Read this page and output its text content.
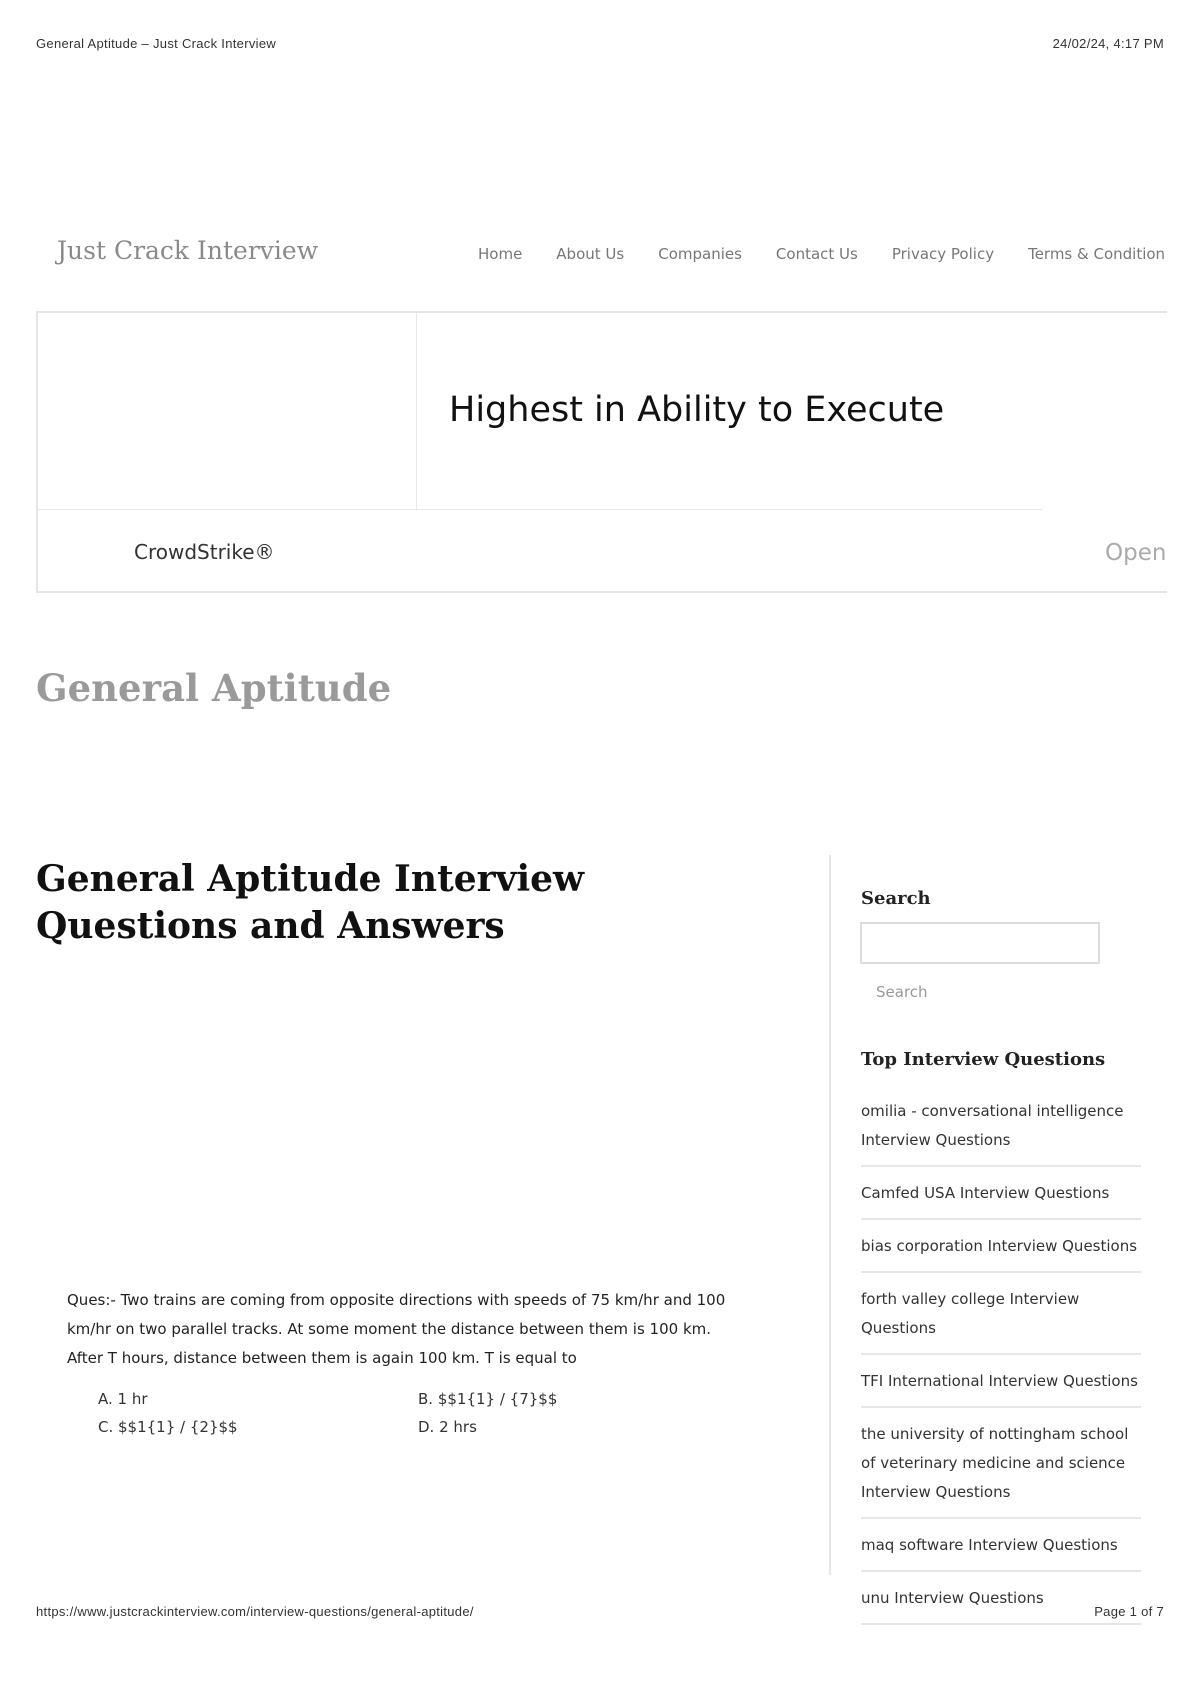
General Aptitude – Just Crack Interview	24/02/24, 4:17 PM
Just Crack Interview	Home About Us Companies Contact Us Privacy Policy Terms & Condition
Highest in Ability to Execute
CrowdStrike®	Open
General Aptitude
General Aptitude Interview Questions and Answers
Ques:- Two trains are coming from opposite directions with speeds of 75 km/hr and 100 km/hr on two parallel tracks. At some moment the distance between them is 100 km. After T hours, distance between them is again 100 km. T is equal to
A. 1 hr	B. $$1{1} / {7}$$
C. $$1{1} / {2}$$	D. 2 hrs
Search
Search
Top Interview Questions
omilia - conversational intelligence Interview Questions
Camfed USA Interview Questions
bias corporation Interview Questions
forth valley college Interview Questions
TFI International Interview Questions
the university of nottingham school of veterinary medicine and science Interview Questions
maq software Interview Questions
unu Interview Questions
https://www.justcrackinterview.com/interview-questions/general-aptitude/	Page 1 of 7
